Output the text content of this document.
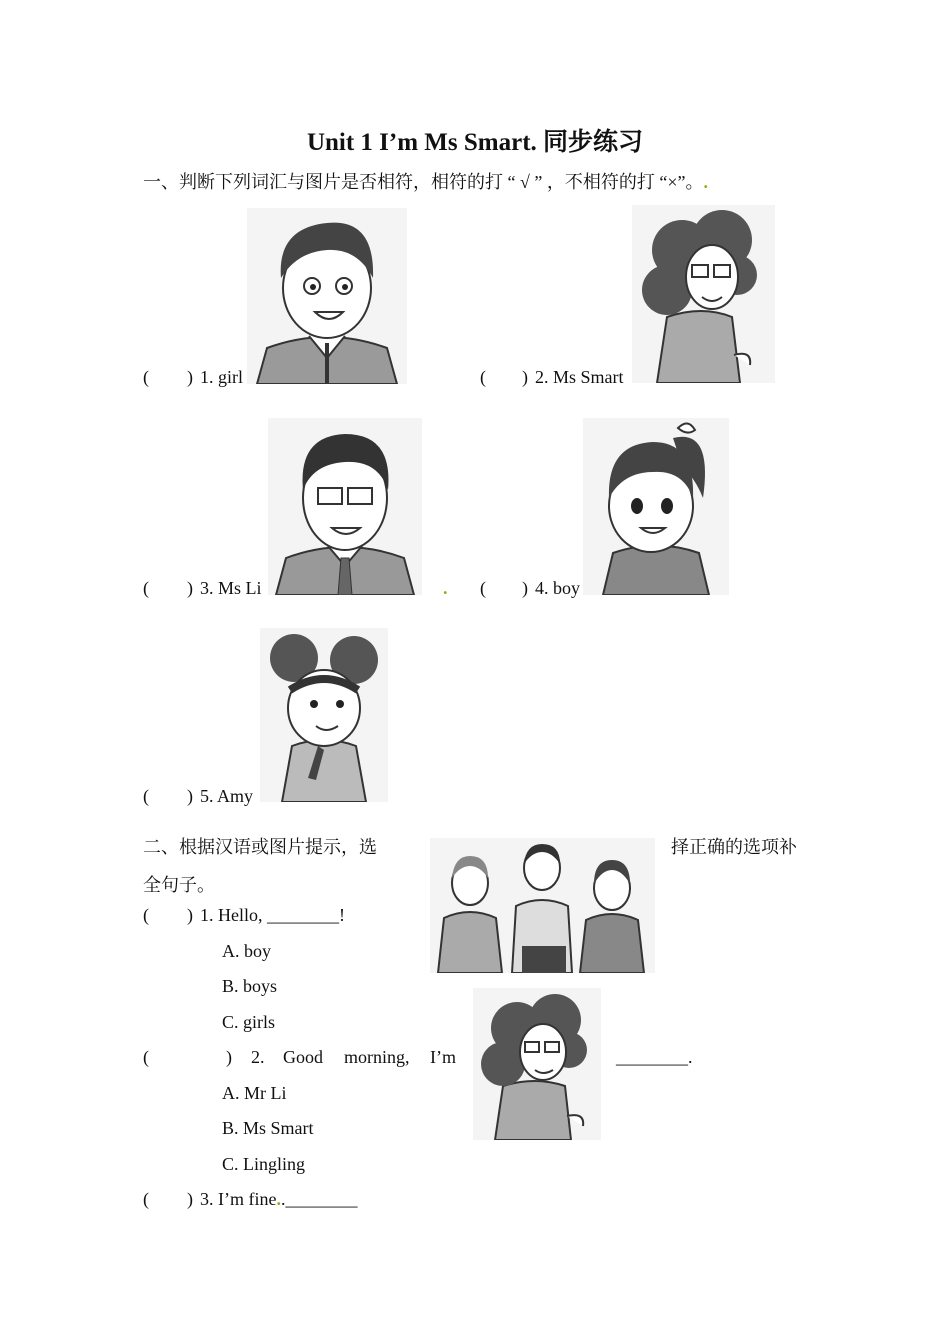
Unit 1 I’m Ms Smart. 同步练习
一、判断下列词汇与图片是否相符，相符的打 “ √ ” ，不相符的打 “×”。.
( ) 1. girl	( ) 2. Ms Smart
( ) 3. Ms Li	. ( ) 4. boy
( ) 5. Amy
二、根据汉语或图片提示，选	择正确的选项补
全句子。
( ) 1. Hello, ________!
A. boy
B. boys
C. girls
(	) 2. Good morning, I’m	________.
A. Mr Li
B. Ms Smart
C. Lingling
( ) 3. I’m fine..________
